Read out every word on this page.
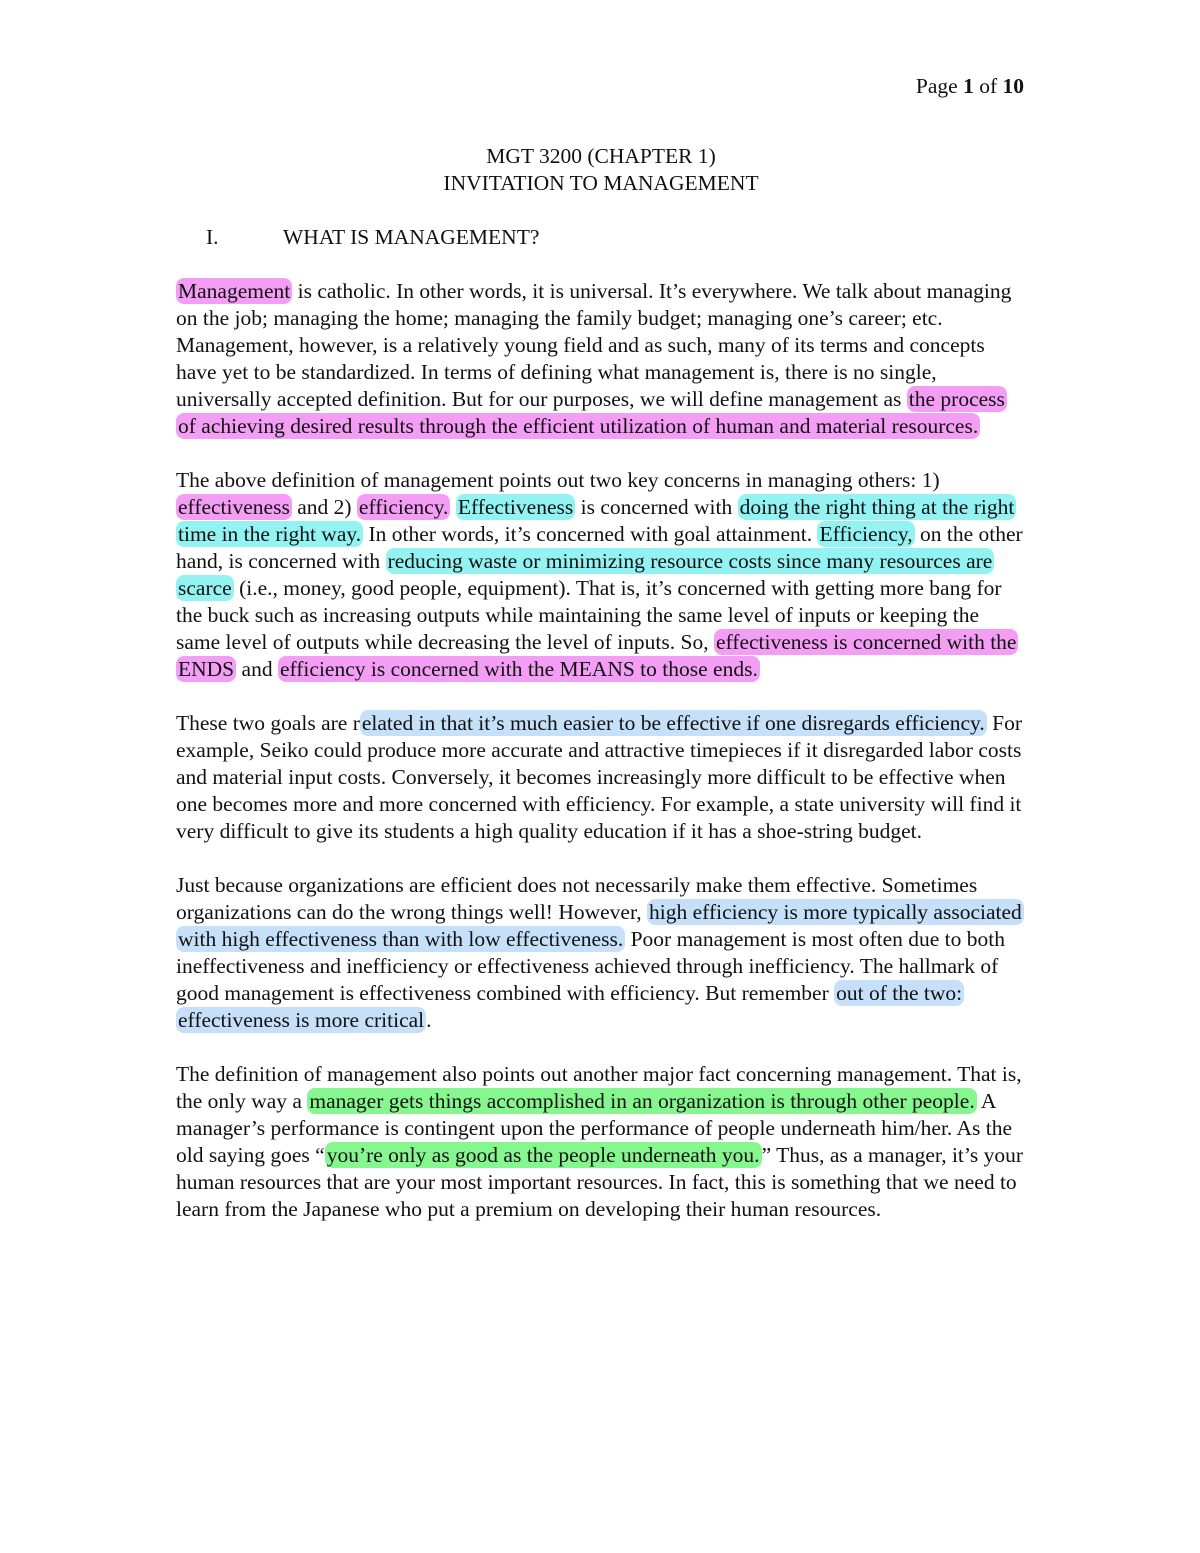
Page 1 of 10
MGT 3200 (CHAPTER 1)
INVITATION TO MANAGEMENT
I.	WHAT IS MANAGEMENT?

Management is catholic. In other words, it is universal. It’s everywhere. We talk about managing on the job; managing the home; managing the family budget; managing one’s career; etc. Management, however, is a relatively young field and as such, many of its terms and concepts have yet to be standardized. In terms of defining what management is, there is no single, universally accepted definition. But for our purposes, we will define management as the process of achieving desired results through the efficient utilization of human and material resources.

The above definition of management points out two key concerns in managing others: 1) effectiveness and 2) efficiency. Effectiveness is concerned with doing the right thing at the right time in the right way. In other words, it’s concerned with goal attainment. Efficiency, on the other hand, is concerned with reducing waste or minimizing resource costs since many resources are scarce (i.e., money, good people, equipment). That is, it’s concerned with getting more bang for the buck such as increasing outputs while maintaining the same level of inputs or keeping the same level of outputs while decreasing the level of inputs. So, effectiveness is concerned with the ENDS and efficiency is concerned with the MEANS to those ends.

These two goals are related in that it’s much easier to be effective if one disregards efficiency. For example, Seiko could produce more accurate and attractive timepieces if it disregarded labor costs and material input costs. Conversely, it becomes increasingly more difficult to be effective when one becomes more and more concerned with efficiency. For example, a state university will find it very difficult to give its students a high quality education if it has a shoe-string budget.

Just because organizations are efficient does not necessarily make them effective. Sometimes organizations can do the wrong things well! However, high efficiency is more typically associated with high effectiveness than with low effectiveness. Poor management is most often due to both ineffectiveness and inefficiency or effectiveness achieved through inefficiency. The hallmark of good management is effectiveness combined with efficiency. But remember out of the two: effectiveness is more critical.

The definition of management also points out another major fact concerning management. That is, the only way a manager gets things accomplished in an organization is through other people. A manager’s performance is contingent upon the performance of people underneath him/her. As the old saying goes “you’re only as good as the people underneath you.” Thus, as a manager, it’s your human resources that are your most important resources. In fact, this is something that we need to learn from the Japanese who put a premium on developing their human resources.
